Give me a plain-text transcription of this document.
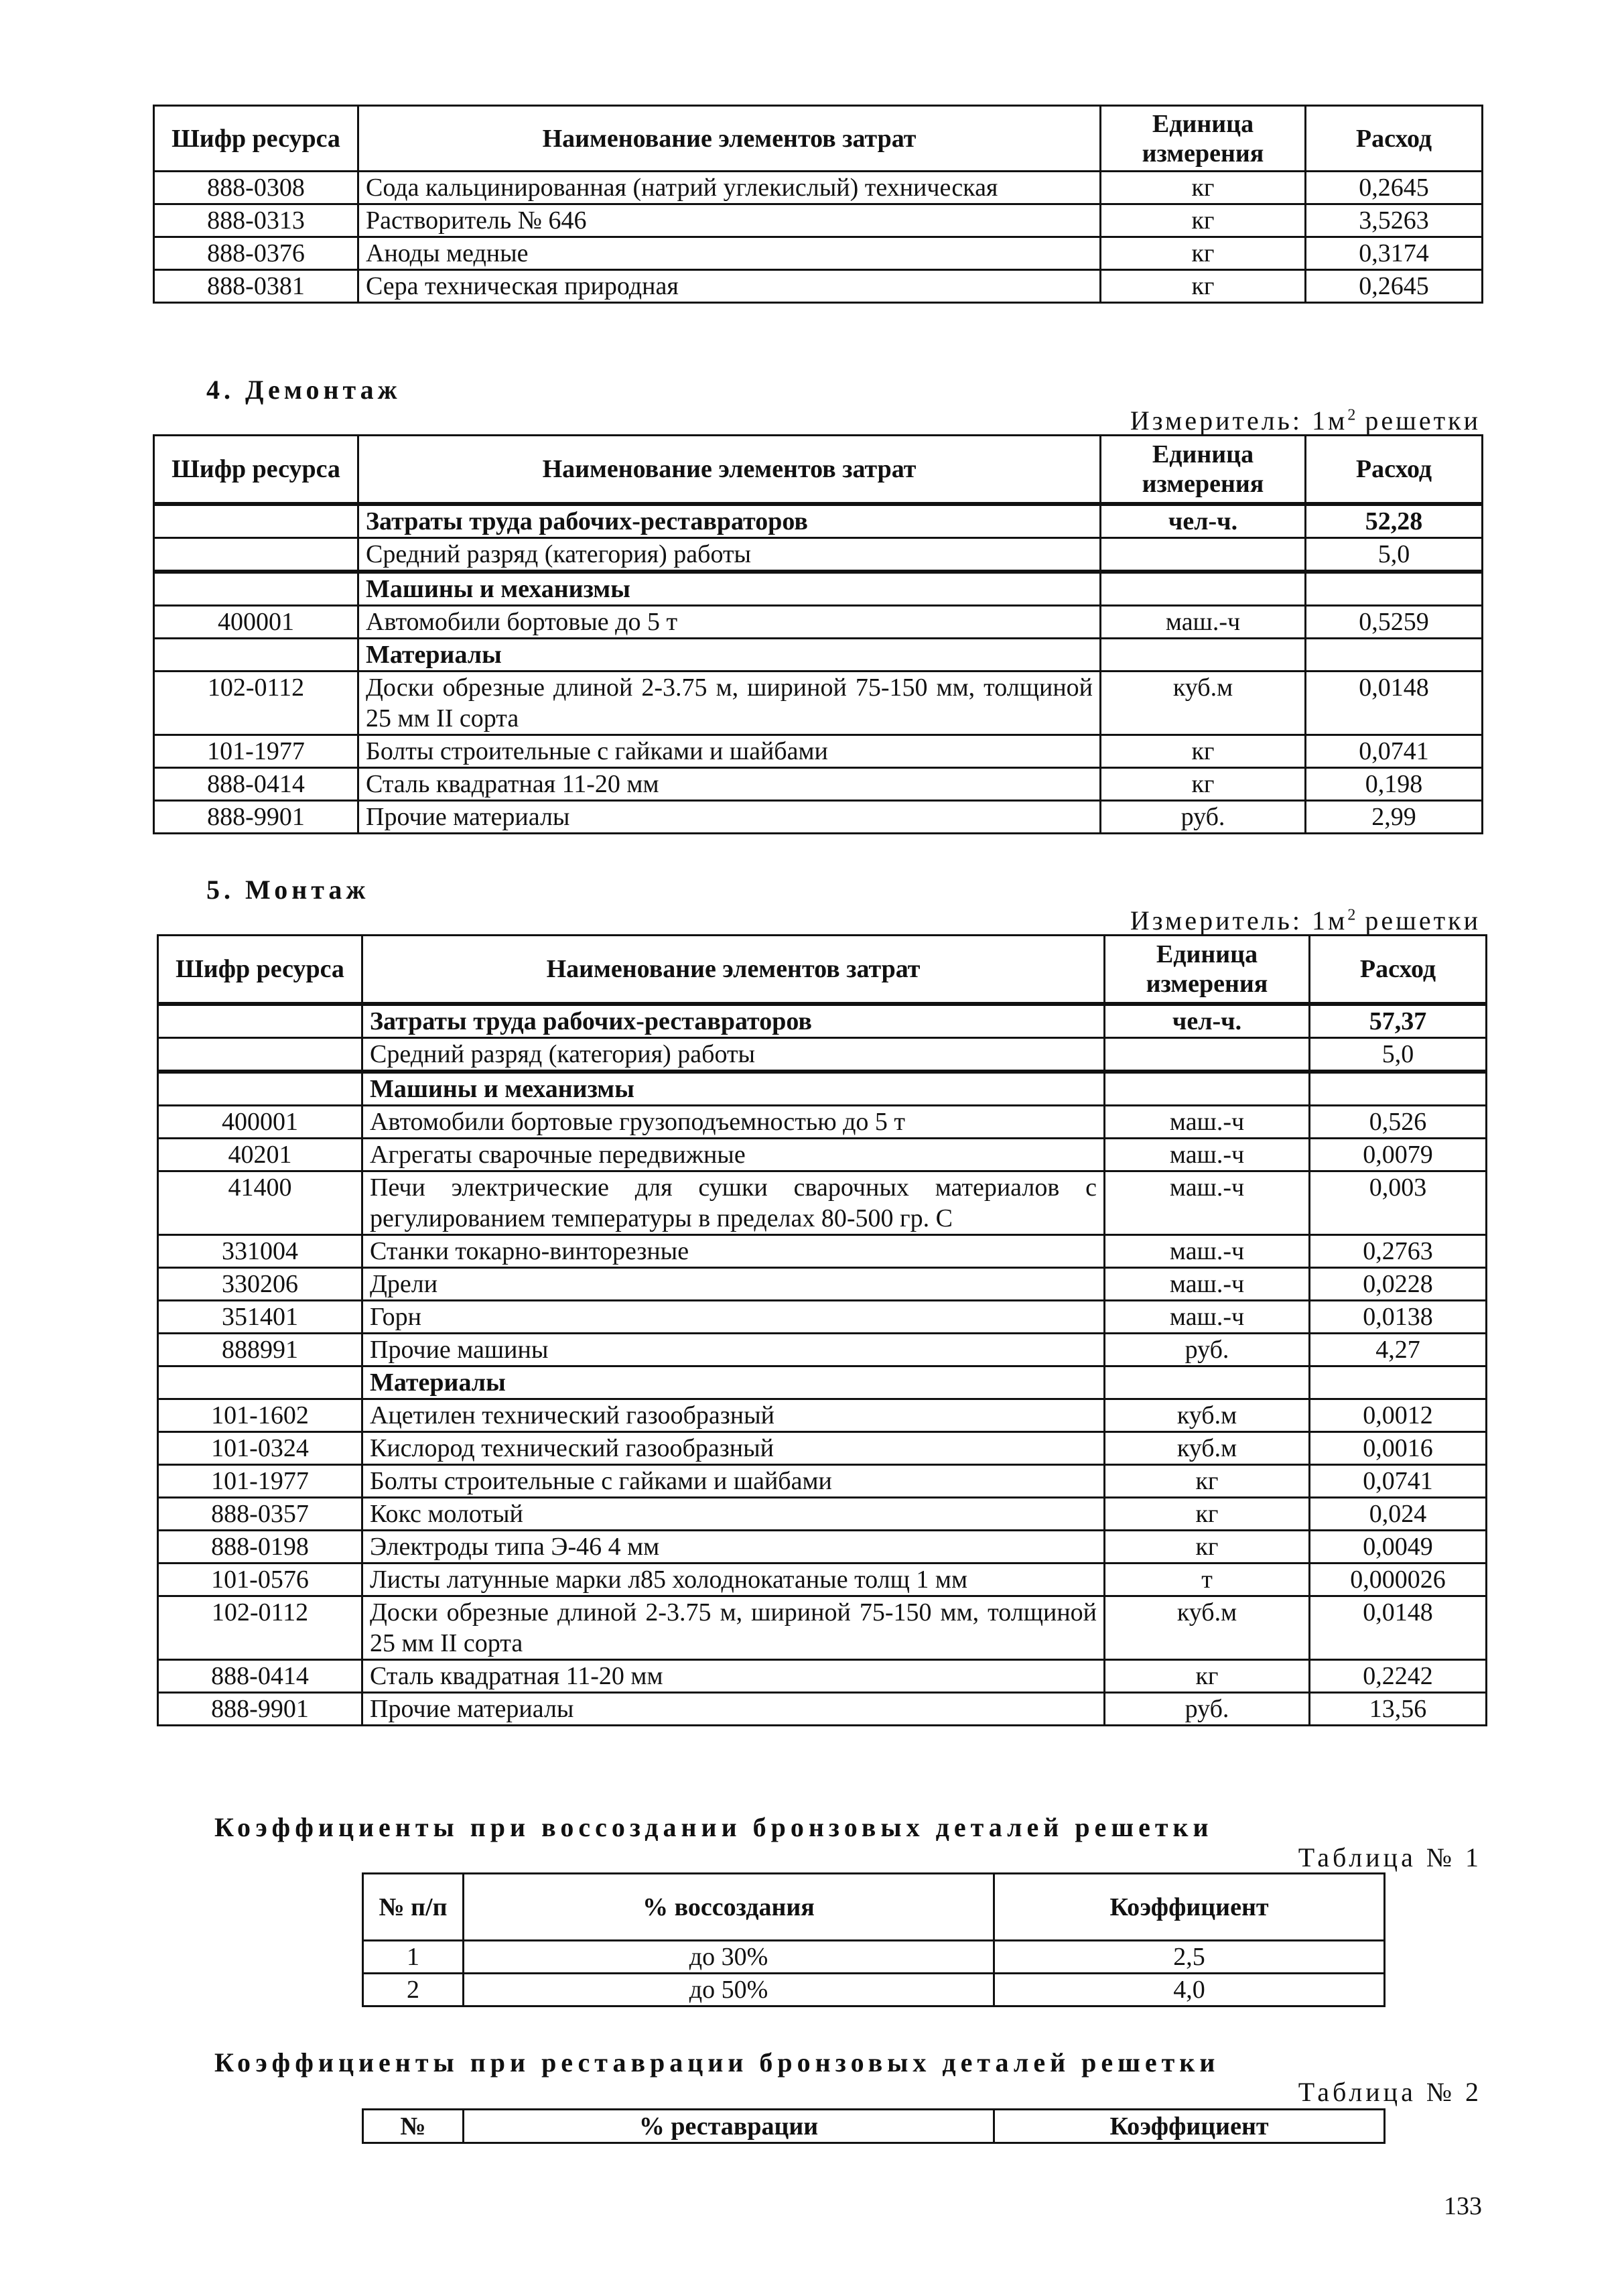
Шифр ресурса	Наименование элементов затрат	Единица измерения	Расход
888-0308	Сода кальцинированная (натрий углекислый) техническая	кг	0,2645
888-0313	Растворитель № 646	кг	3,5263
888-0376	Аноды медные	кг	0,3174
888-0381	Сера техническая природная	кг	0,2645
4. Демонтаж
Измеритель: $1м^2$ решетки
Шифр ресурса	Наименование элементов затрат	Единица измерения	Расход
	Затраты труда рабочих-реставраторов	чел-ч.	52,28
	Средний разряд (категория) работы		5,0
	Машины и механизмы		
400001	Автомобили бортовые до 5 т	маш.-ч	0,5259
	Материалы		
102-0112	Доски обрезные длиной 2-3.75 м, шириной 75-150 мм, толщиной 25 мм II сорта	куб.м	0,0148
101-1977	Болты строительные с гайками и шайбами	кг	0,0741
888-0414	Сталь квадратная 11-20 мм	кг	0,198
888-9901	Прочие материалы	руб.	2,99
5. Монтаж
Измеритель: $1м^2$ решетки
Шифр ресурса	Наименование элементов затрат	Единица измерения	Расход
	Затраты труда рабочих-реставраторов	чел-ч.	57,37
	Средний разряд (категория) работы		5,0
	Машины и механизмы		
400001	Автомобили бортовые грузоподъемностью до 5 т	маш.-ч	0,526
40201	Агрегаты сварочные передвижные	маш.-ч	0,0079
41400	Печи электрические для сушки сварочных материалов с регулированием температуры в пределах 80-500 гр. С	маш.-ч	0,003
331004	Станки токарно-винторезные	маш.-ч	0,2763
330206	Дрели	маш.-ч	0,0228
351401	Горн	маш.-ч	0,0138
888991	Прочие машины	руб.	4,27
	Материалы		
101-1602	Ацетилен технический газообразный	куб.м	0,0012
101-0324	Кислород технический газообразный	куб.м	0,0016
101-1977	Болты строительные с гайками и шайбами	кг	0,0741
888-0357	Кокс молотый	кг	0,024
888-0198	Электроды типа Э-46 4 мм	кг	0,0049
101-0576	Листы латунные марки л85 холоднокатаные толщ 1 мм	т	0,000026
102-0112	Доски обрезные длиной 2-3.75 м, шириной 75-150 мм, толщиной 25 мм II сорта	куб.м	0,0148
888-0414	Сталь квадратная 11-20 мм	кг	0,2242
888-9901	Прочие материалы	руб.	13,56
Коэффициенты при воссоздании бронзовых деталей решетки
Таблица № 1
№ п/п	% воссоздания	Коэффициент
1	до 30%	2,5
2	до 50%	4,0
Коэффициенты при реставрации бронзовых деталей решетки
Таблица № 2
№	% реставрации	Коэффициент
133
